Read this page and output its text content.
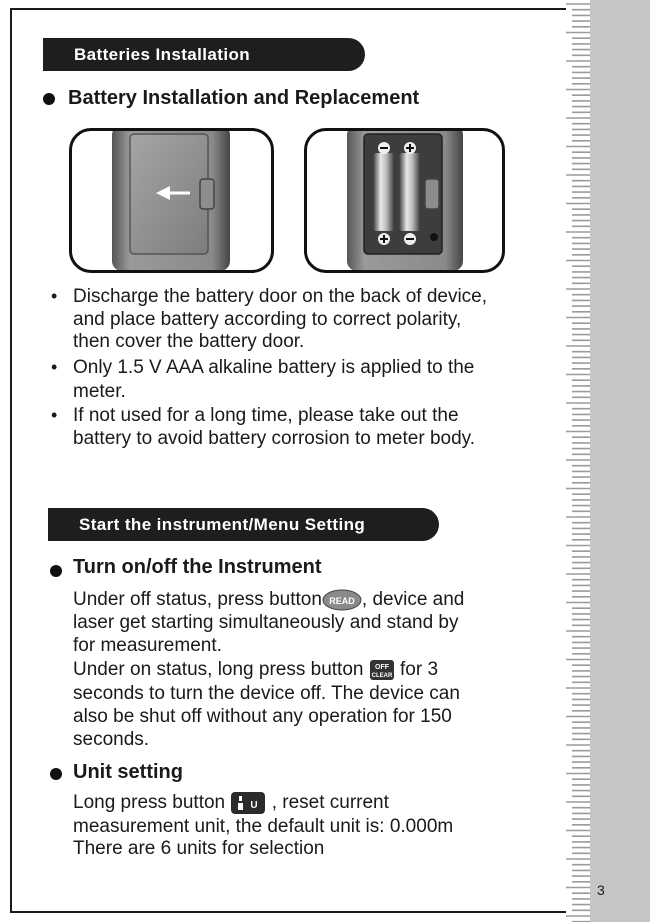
Batteries Installation
Battery Installation and Replacement
• Discharge the battery door on the back of device,
and place battery according to correct polarity,
then cover the battery door.
• Only 1.5 V AAA alkaline battery is applied to the
meter.
• If not used for a long time, please take out the
battery to avoid battery corrosion to meter body.
Start the instrument/Menu Setting
Turn on/off the Instrument
Under off status, press button READ , device and
laser get starting simultaneously and stand by
for measurement.
Under on status, long press button OFF
CLEAR for 3
seconds to turn the device off. The device can
also be shut off without any operation for 150
seconds.
Unit setting
Long press button	U , reset current
measurement unit, the default unit is: 0.000m
There are 6 units for selection
3
